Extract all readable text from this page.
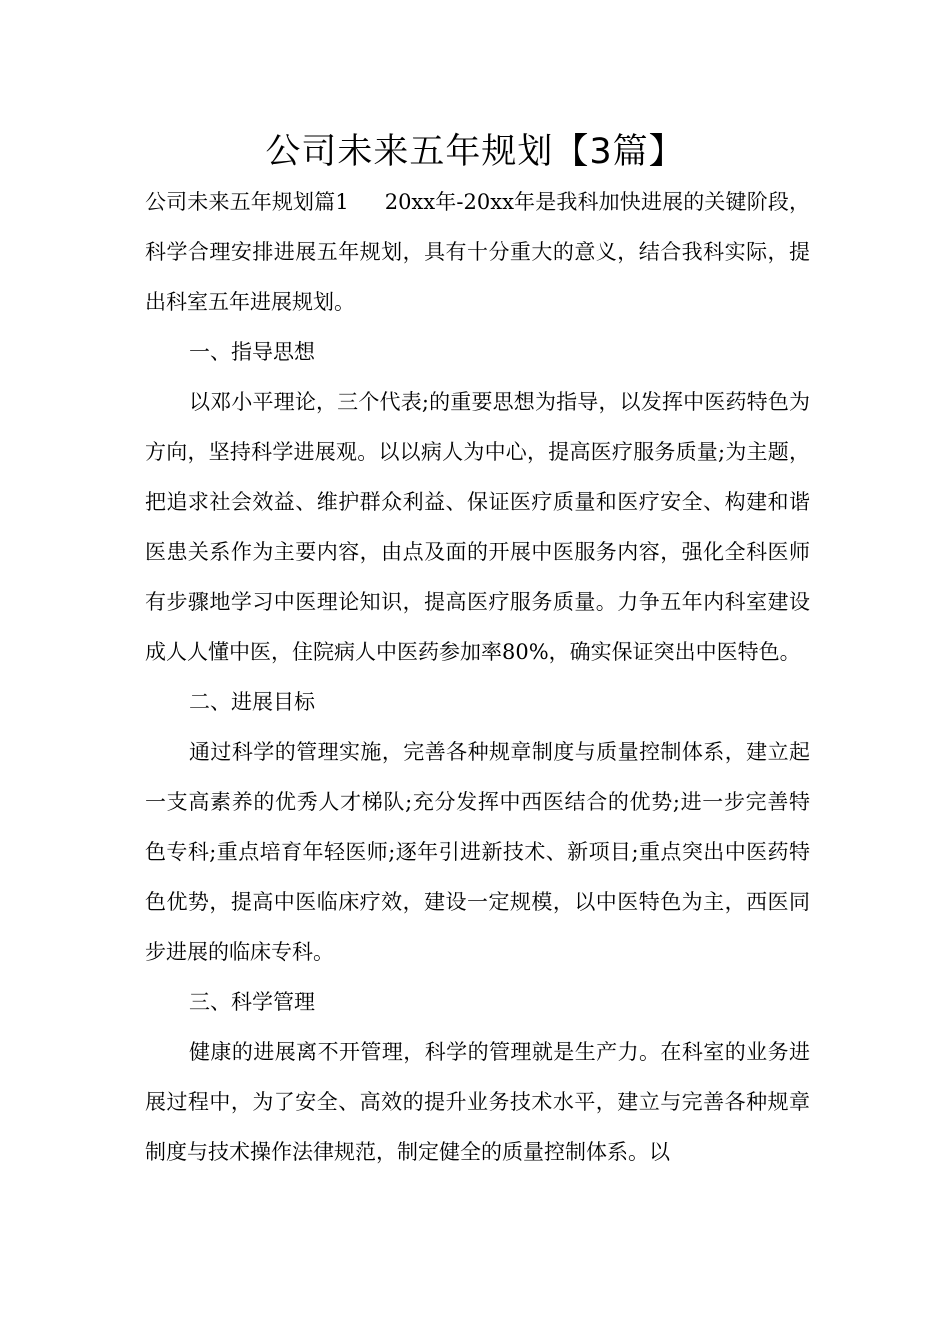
公司未来五年规划【3篇】

公司未来五年规划篇1 20xx年-20xx年是我科加快进展的关键阶段，科学合理安排进展五年规划，具有十分重大的意义，结合我科实际，提出科室五年进展规划。

一、指导思想

以邓小平理论，三个代表;的重要思想为指导，以发挥中医药特色为方向，坚持科学进展观。以以病人为中心，提高医疗服务质量;为主题，把追求社会效益、维护群众利益、保证医疗质量和医疗安全、构建和谐医患关系作为主要内容，由点及面的开展中医服务内容，强化全科医师有步骤地学习中医理论知识，提高医疗服务质量。力争五年内科室建设成人人懂中医，住院病人中医药参加率80%，确实保证突出中医特色。

二、进展目标

通过科学的管理实施，完善各种规章制度与质量控制体系，建立起一支高素养的优秀人才梯队;充分发挥中西医结合的优势;进一步完善特色专科;重点培育年轻医师;逐年引进新技术、新项目;重点突出中医药特色优势，提高中医临床疗效，建设一定规模，以中医特色为主，西医同步进展的临床专科。

三、科学管理

健康的进展离不开管理，科学的管理就是生产力。在科室的业务进展过程中，为了安全、高效的提升业务技术水平，建立与完善各种规章制度与技术操作法律规范，制定健全的质量控制体系。以
